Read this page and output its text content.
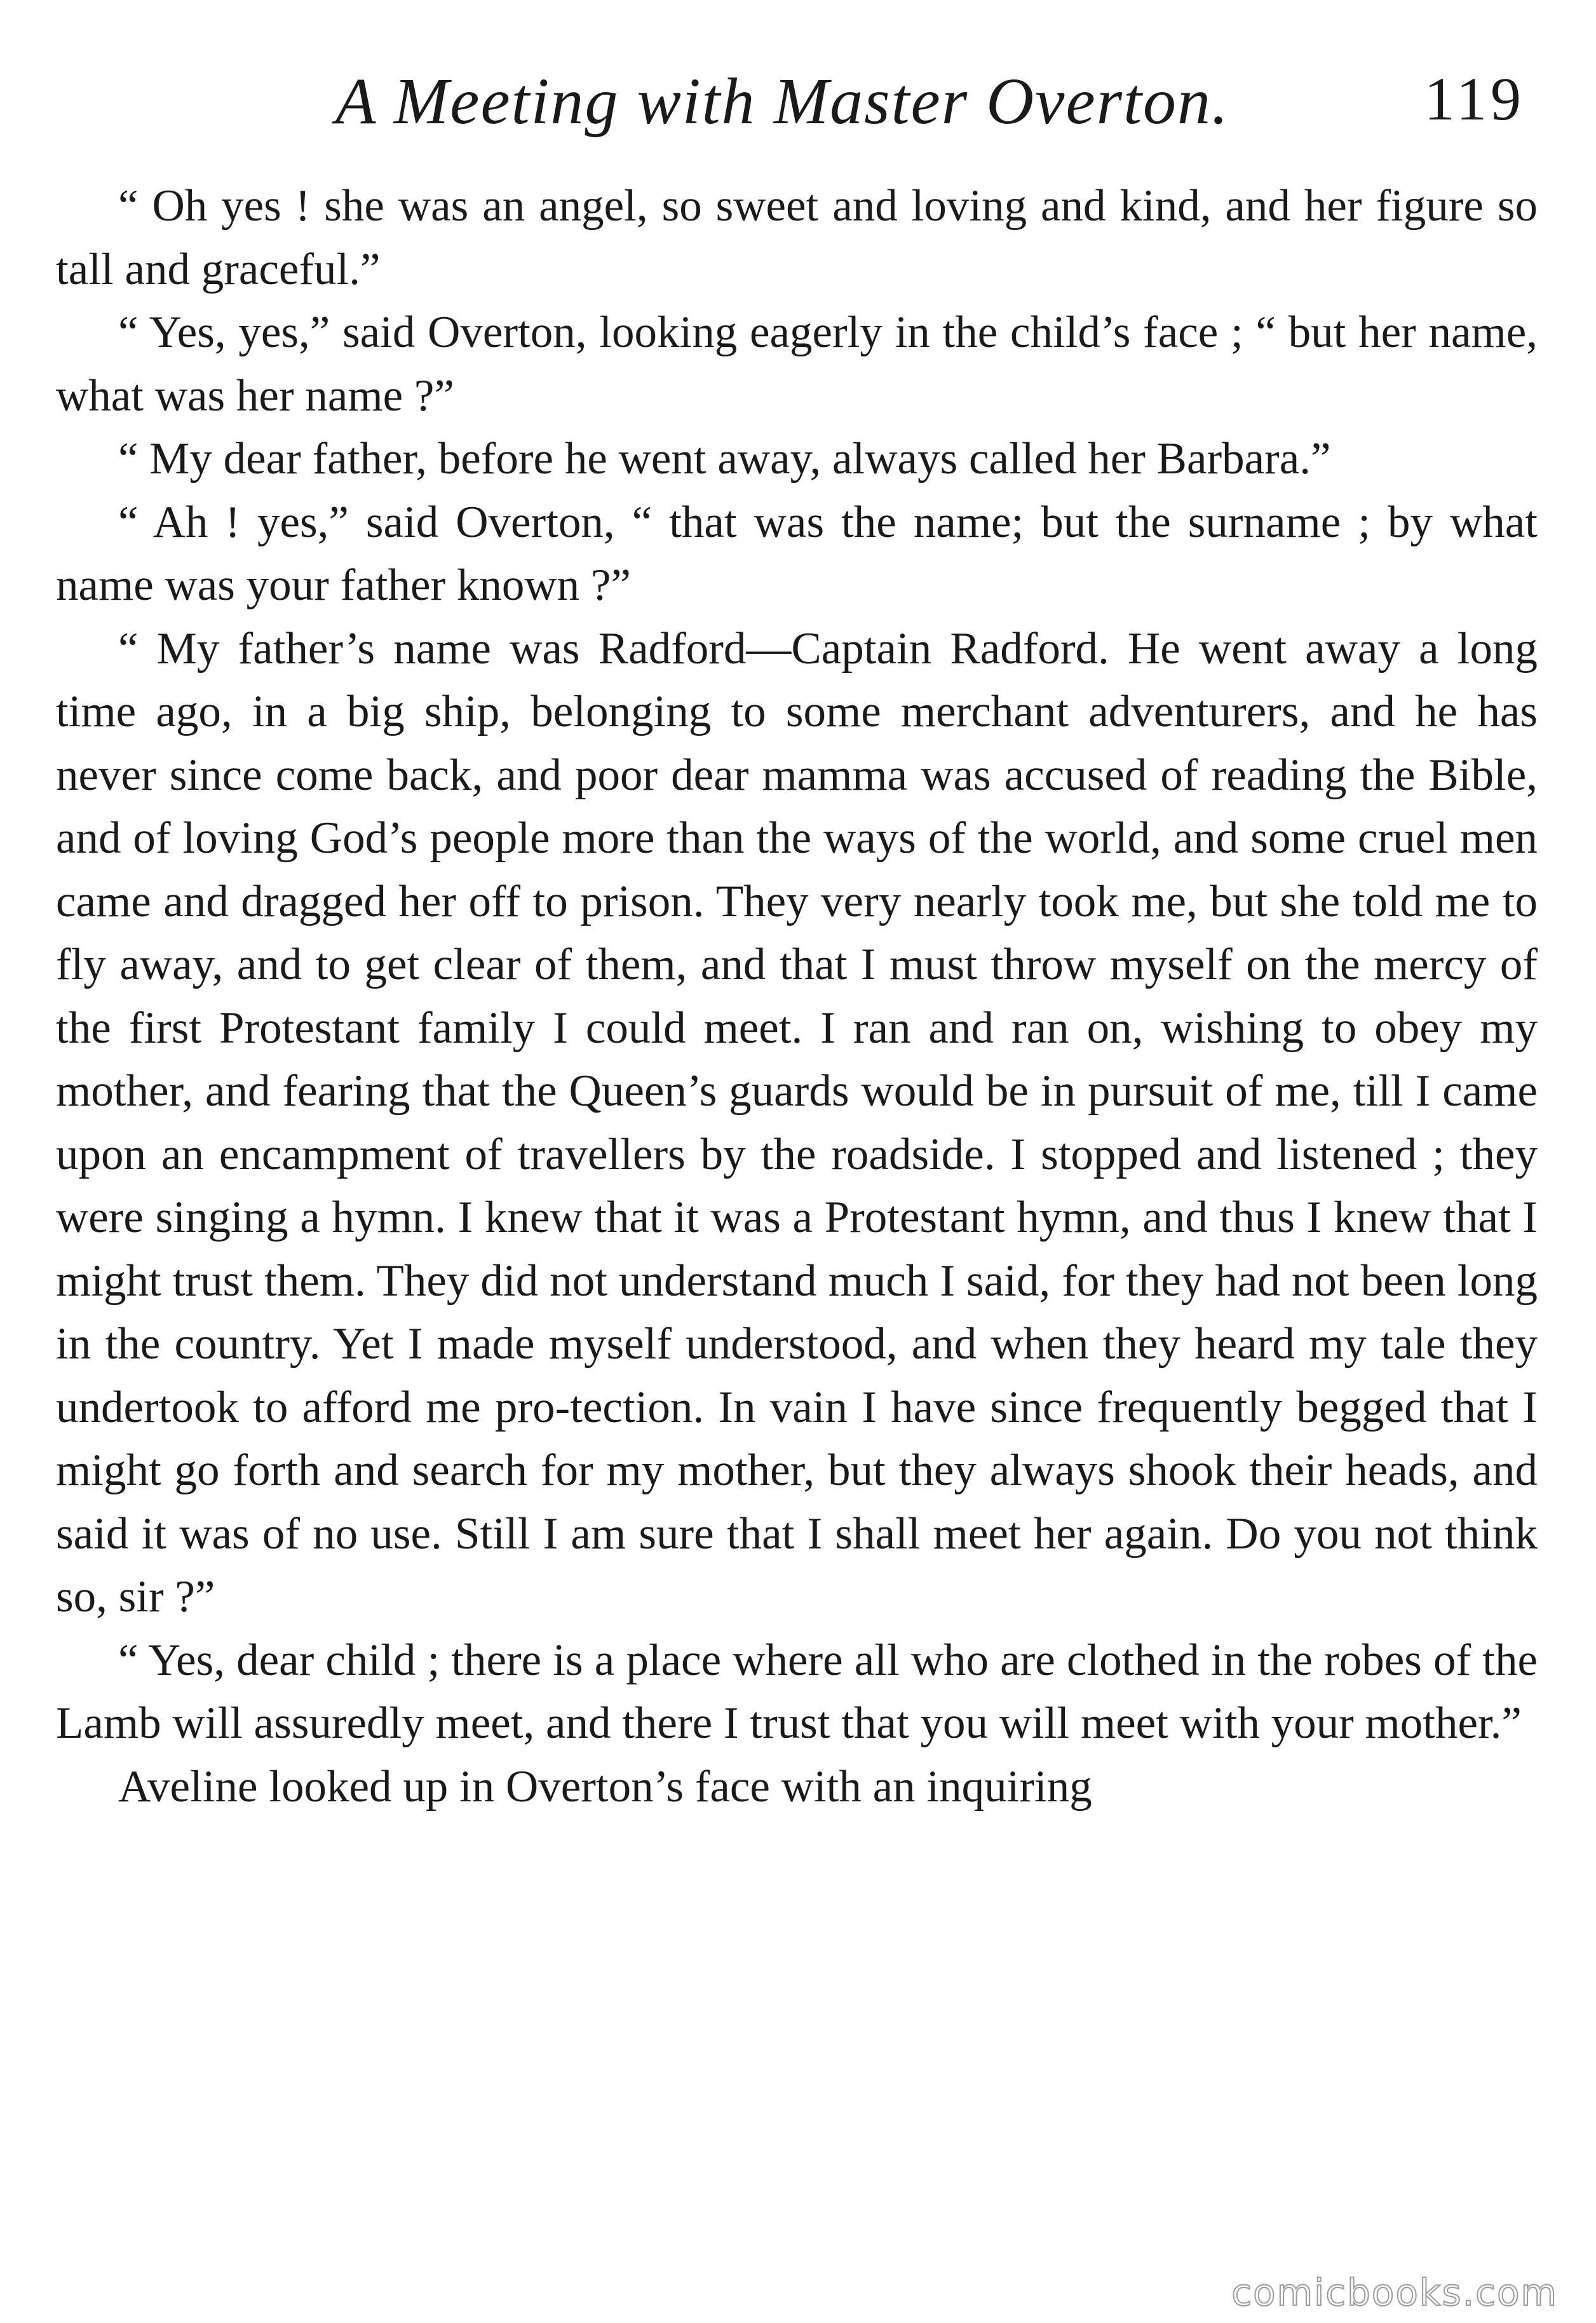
A Meeting with Master Overton.	119

“ Oh yes ! she was an angel, so sweet and loving and kind, and her figure so tall and graceful.”

“ Yes, yes,” said Overton, looking eagerly in the child’s face ; “ but her name, what was her name ?”

“ My dear father, before he went away, always called her Barbara.”

“ Ah ! yes,” said Overton, “ that was the name; but the surname ; by what name was your father known ?”

“ My father’s name was Radford—Captain Radford. He went away a long time ago, in a big ship, belonging to some merchant adventurers, and he has never since come back, and poor dear mamma was accused of reading the Bible, and of loving God’s people more than the ways of the world, and some cruel men came and dragged her off to prison. They very nearly took me, but she told me to fly away, and to get clear of them, and that I must throw myself on the mercy of the first Protestant family I could meet. I ran and ran on, wishing to obey my mother, and fearing that the Queen’s guards would be in pursuit of me, till I came upon an encampment of travellers by the roadside. I stopped and listened ; they were singing a hymn. I knew that it was a Protestant hymn, and thus I knew that I might trust them. They did not understand much I said, for they had not been long in the country. Yet I made myself understood, and when they heard my tale they undertook to afford me pro-tection. In vain I have since frequently begged that I might go forth and search for my mother, but they always shook their heads, and said it was of no use. Still I am sure that I shall meet her again. Do you not think so, sir ?”

“ Yes, dear child ; there is a place where all who are clothed in the robes of the Lamb will assuredly meet, and there I trust that you will meet with your mother.”

Aveline looked up in Overton’s face with an inquiring

comicbooks.com
